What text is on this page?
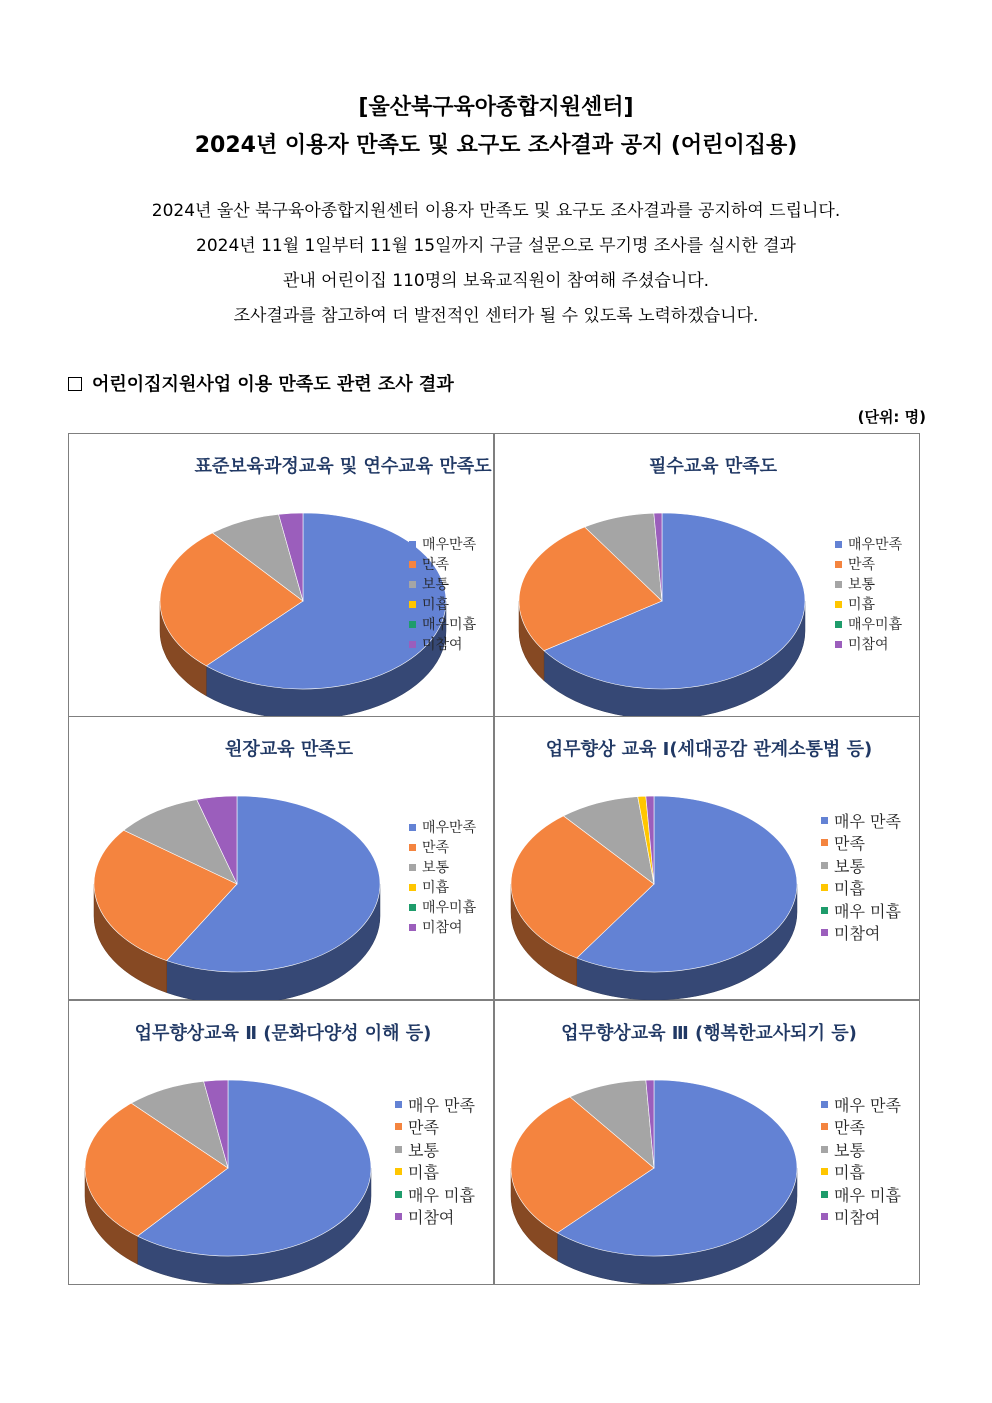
[울산북구육아종합지원센터]
2024년 이용자 만족도 및 요구도 조사결과 공지 (어린이집용)
2024년 울산 북구육아종합지원센터 이용자 만족도 및 요구도 조사결과를 공지하여 드립니다.
2024년 11월 1일부터 11월 15일까지 구글 설문으로 무기명 조사를 실시한 결과
관내 어린이집 110명의 보육교직원이 참여해 주셨습니다.
조사결과를 참고하여 더 발전적인 센터가 될 수 있도록 노력하겠습니다.
어린이집지원사업 이용 만족도 관련 조사 결과
(단위: 명)
표준보육과정교육 및 연수교육 만족도
매우만족
만족
보통
미흡
매우미흡
미참여
필수교육 만족도
매우만족
만족
보통
미흡
매우미흡
미참여
원장교육 만족도
매우만족
만족
보통
미흡
매우미흡
미참여
업무향상 교육 Ⅰ(세대공감 관계소통법 등)
매우 만족
만족
보통
미흡
매우 미흡
미참여
업무향상교육 Ⅱ (문화다양성 이해 등)
매우 만족
만족
보통
미흡
매우 미흡
미참여
업무향상교육 Ⅲ (행복한교사되기 등)
매우 만족
만족
보통
미흡
매우 미흡
미참여
